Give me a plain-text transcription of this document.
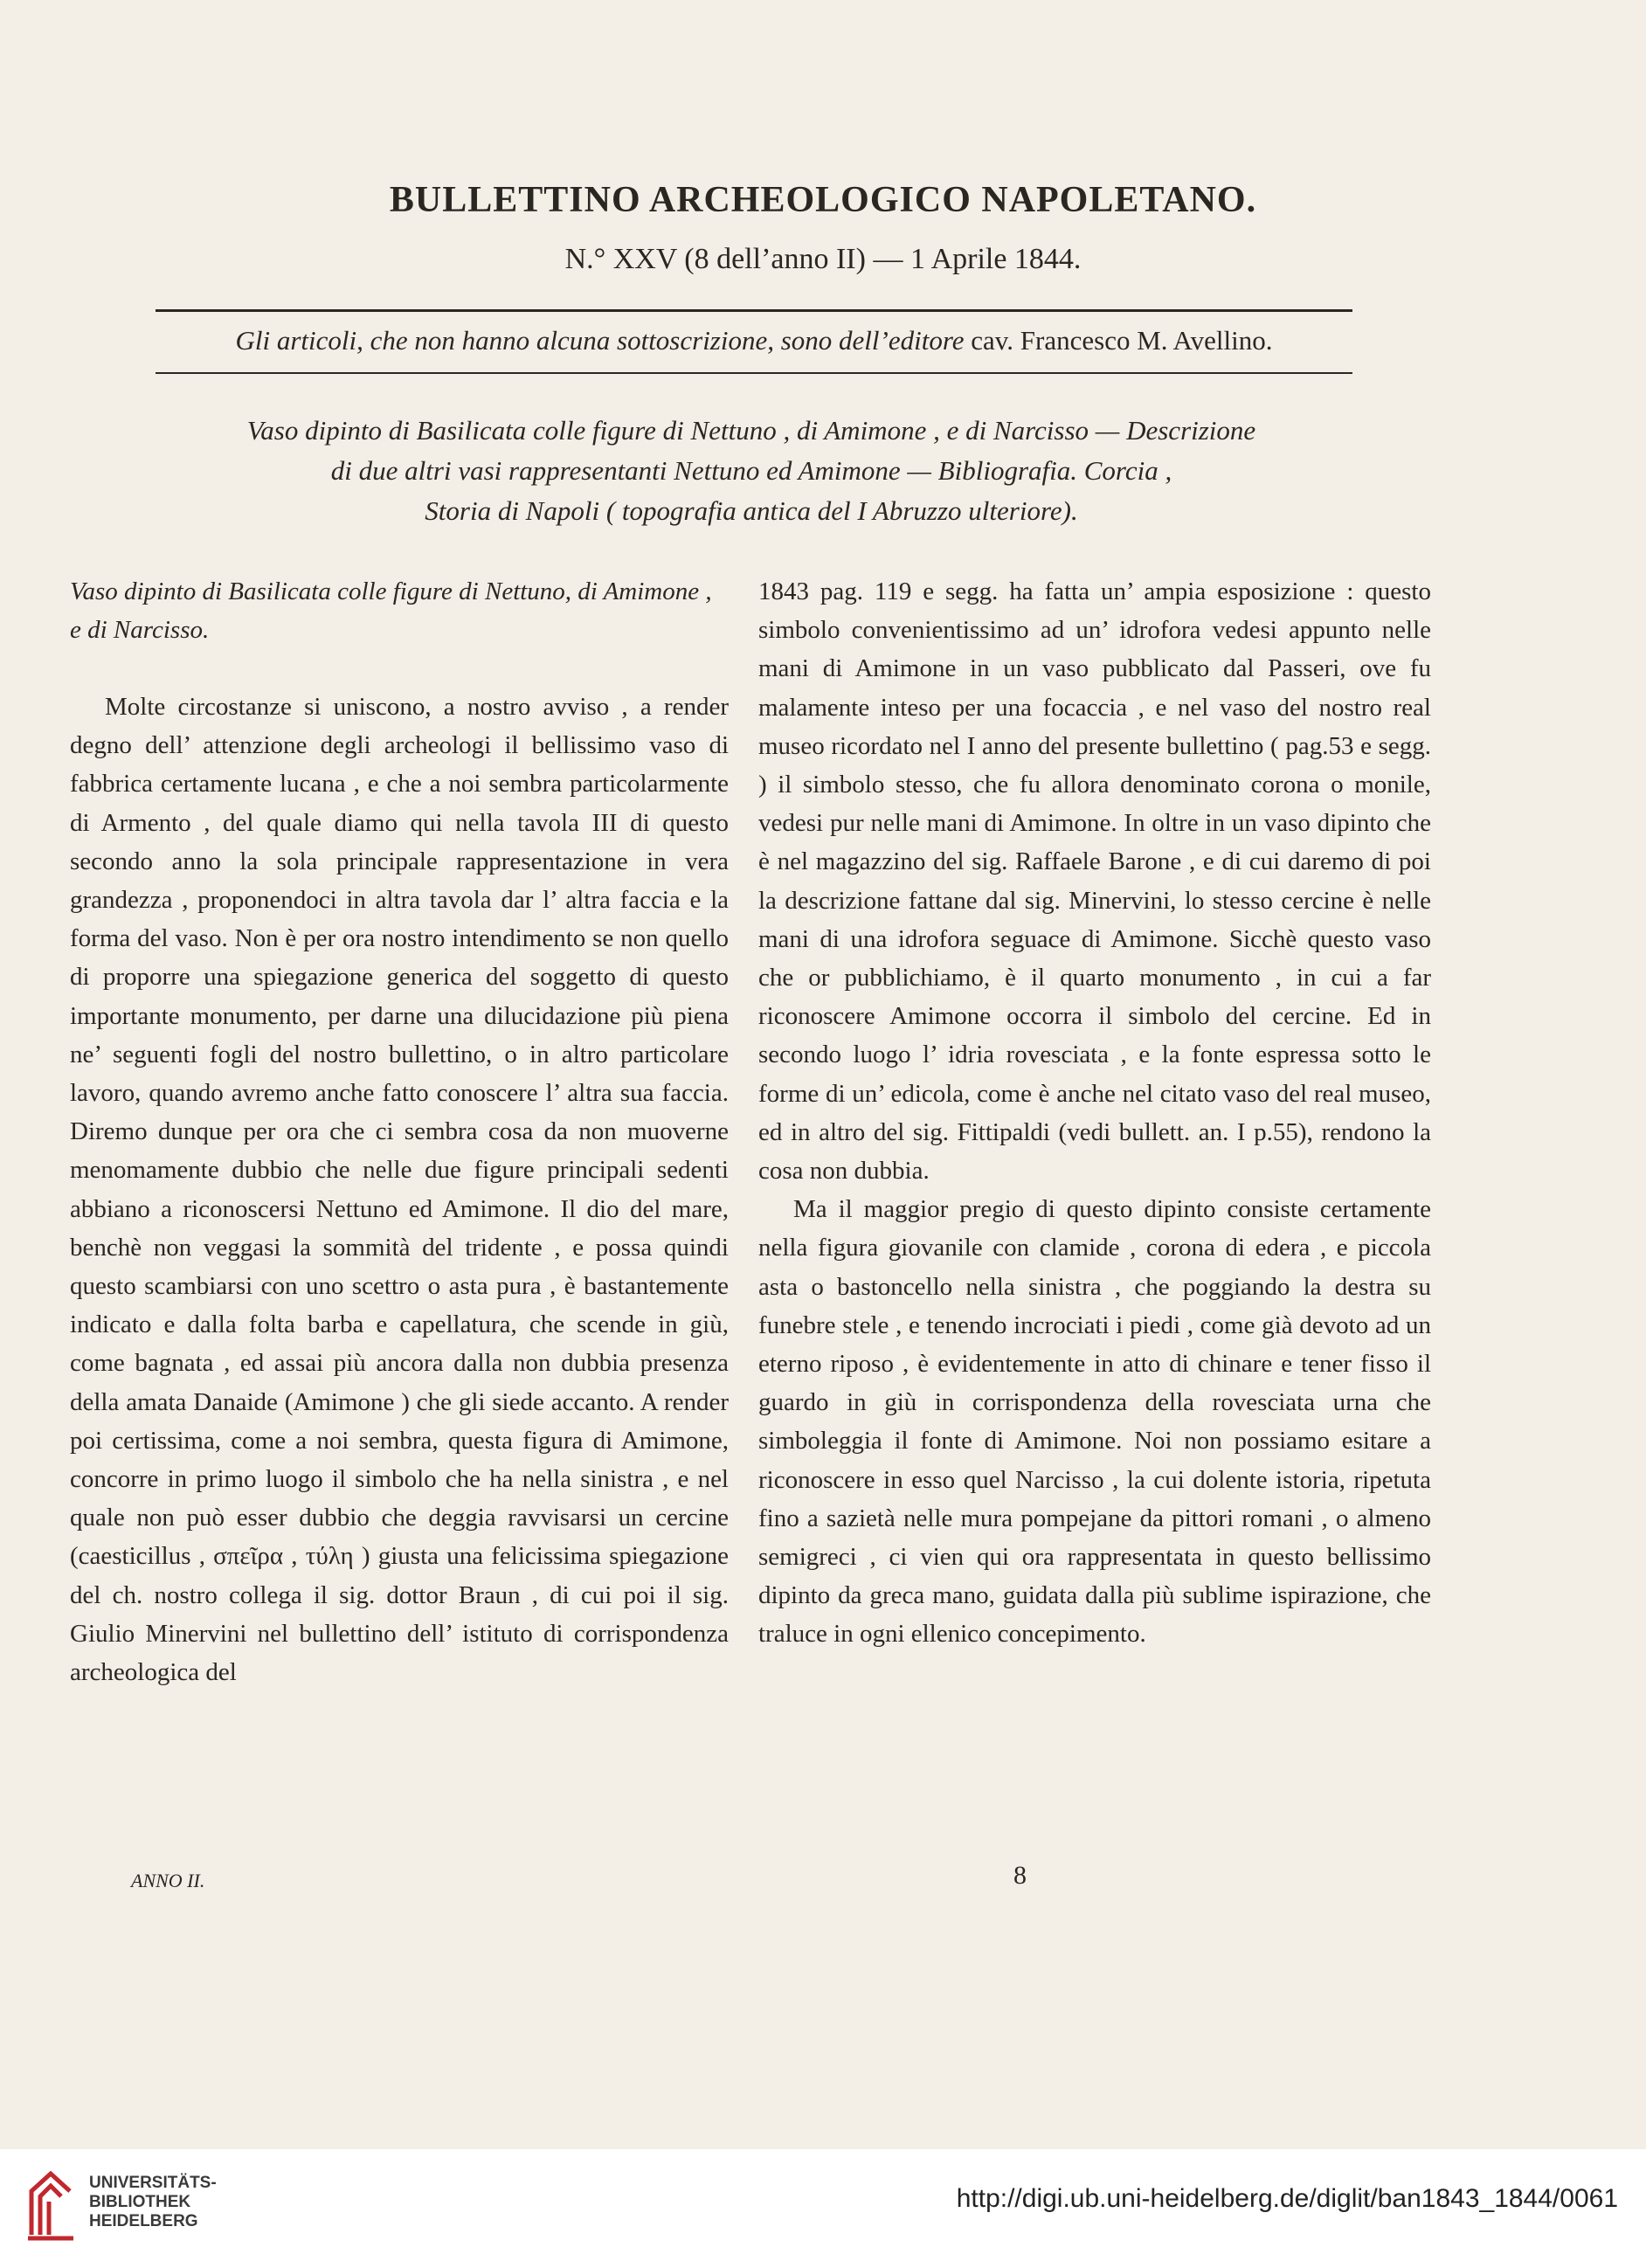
BULLETTINO ARCHEOLOGICO NAPOLETANO.
N.° XXV (8 dell’anno II) — 1 Aprile 1844.
Gli articoli, che non hanno alcuna sottoscrizione, sono dell’editore cav. Francesco M. Avellino.
Vaso dipinto di Basilicata colle figure di Nettuno , di Amimone , e di Narcisso — Descrizione
di due altri vasi rappresentanti Nettuno ed Amimone — Bibliografia. Corcia ,
Storia di Napoli ( topografia antica del I Abruzzo ulteriore).

Vaso dipinto di Basilicata colle figure di Nettuno, di Amimone , e di Narcisso.

Molte circostanze si uniscono, a nostro avviso , a render degno dell’ attenzione degli archeologi il bellissimo vaso di fabbrica certamente lucana , e che a noi sembra particolarmente di Armento , del quale diamo qui nella tavola III di questo secondo anno la sola principale rappresentazione in vera grandezza , proponendoci in altra tavola dar l’ altra faccia e la forma del vaso. Non è per ora nostro intendimento se non quello di proporre una spiegazione generica del soggetto di questo importante monumento, per darne una dilucidazione più piena ne’ seguenti fogli del nostro bullettino, o in altro particolare lavoro, quando avremo anche fatto conoscere l’ altra sua faccia. Diremo dunque per ora che ci sembra cosa da non muoverne menomamente dubbio che nelle due figure principali sedenti abbiano a riconoscersi Nettuno ed Amimone. Il dio del mare, benchè non veggasi la sommità del tridente , e possa quindi questo scambiarsi con uno scettro o asta pura , è bastantemente indicato e dalla folta barba e capellatura, che scende in giù, come bagnata , ed assai più ancora dalla non dubbia presenza della amata Danaide (Amimone ) che gli siede accanto. A render poi certissima, come a noi sembra, questa figura di Amimone, concorre in primo luogo il simbolo che ha nella sinistra , e nel quale non può esser dubbio che deggia ravvisarsi un cercine (caesticillus , σπεῖρα , τύλη ) giusta una felicissima spiegazione del ch. nostro collega il sig. dottor Braun , di cui poi il sig. Giulio Minervini nel bullettino dell’ istituto di corrispondenza archeologica del

1843 pag. 119 e segg. ha fatta un’ ampia esposizione : questo simbolo convenientissimo ad un’ idrofora vedesi appunto nelle mani di Amimone in un vaso pubblicato dal Passeri, ove fu malamente inteso per una focaccia , e nel vaso del nostro real museo ricordato nel I anno del presente bullettino ( pag.53 e segg. ) il simbolo stesso, che fu allora denominato corona o monile, vedesi pur nelle mani di Amimone. In oltre in un vaso dipinto che è nel magazzino del sig. Raffaele Barone , e di cui daremo di poi la descrizione fattane dal sig. Minervini, lo stesso cercine è nelle mani di una idrofora seguace di Amimone. Sicchè questo vaso che or pubblichiamo, è il quarto monumento , in cui a far riconoscere Amimone occorra il simbolo del cercine. Ed in secondo luogo l’ idria rovesciata , e la fonte espressa sotto le forme di un’ edicola, come è anche nel citato vaso del real museo, ed in altro del sig. Fittipaldi (vedi bullett. an. I p.55), rendono la cosa non dubbia.

Ma il maggior pregio di questo dipinto consiste certamente nella figura giovanile con clamide , corona di edera , e piccola asta o bastoncello nella sinistra , che poggiando la destra su funebre stele , e tenendo incrociati i piedi , come già devoto ad un eterno riposo , è evidentemente in atto di chinare e tener fisso il guardo in giù in corrispondenza della rovesciata urna che simboleggia il fonte di Amimone. Noi non possiamo esitare a riconoscere in esso quel Narcisso , la cui dolente istoria, ripetuta fino a sazietà nelle mura pompejane da pittori romani , o almeno semigreci , ci vien qui ora rappresentata in questo bellissimo dipinto da greca mano, guidata dalla più sublime ispirazione, che traluce in ogni ellenico concepimento.

ANNO II.	8
UNIVERSITÄTS-
BIBLIOTHEK
HEIDELBERG
http://digi.ub.uni-heidelberg.de/diglit/ban1843_1844/0061
